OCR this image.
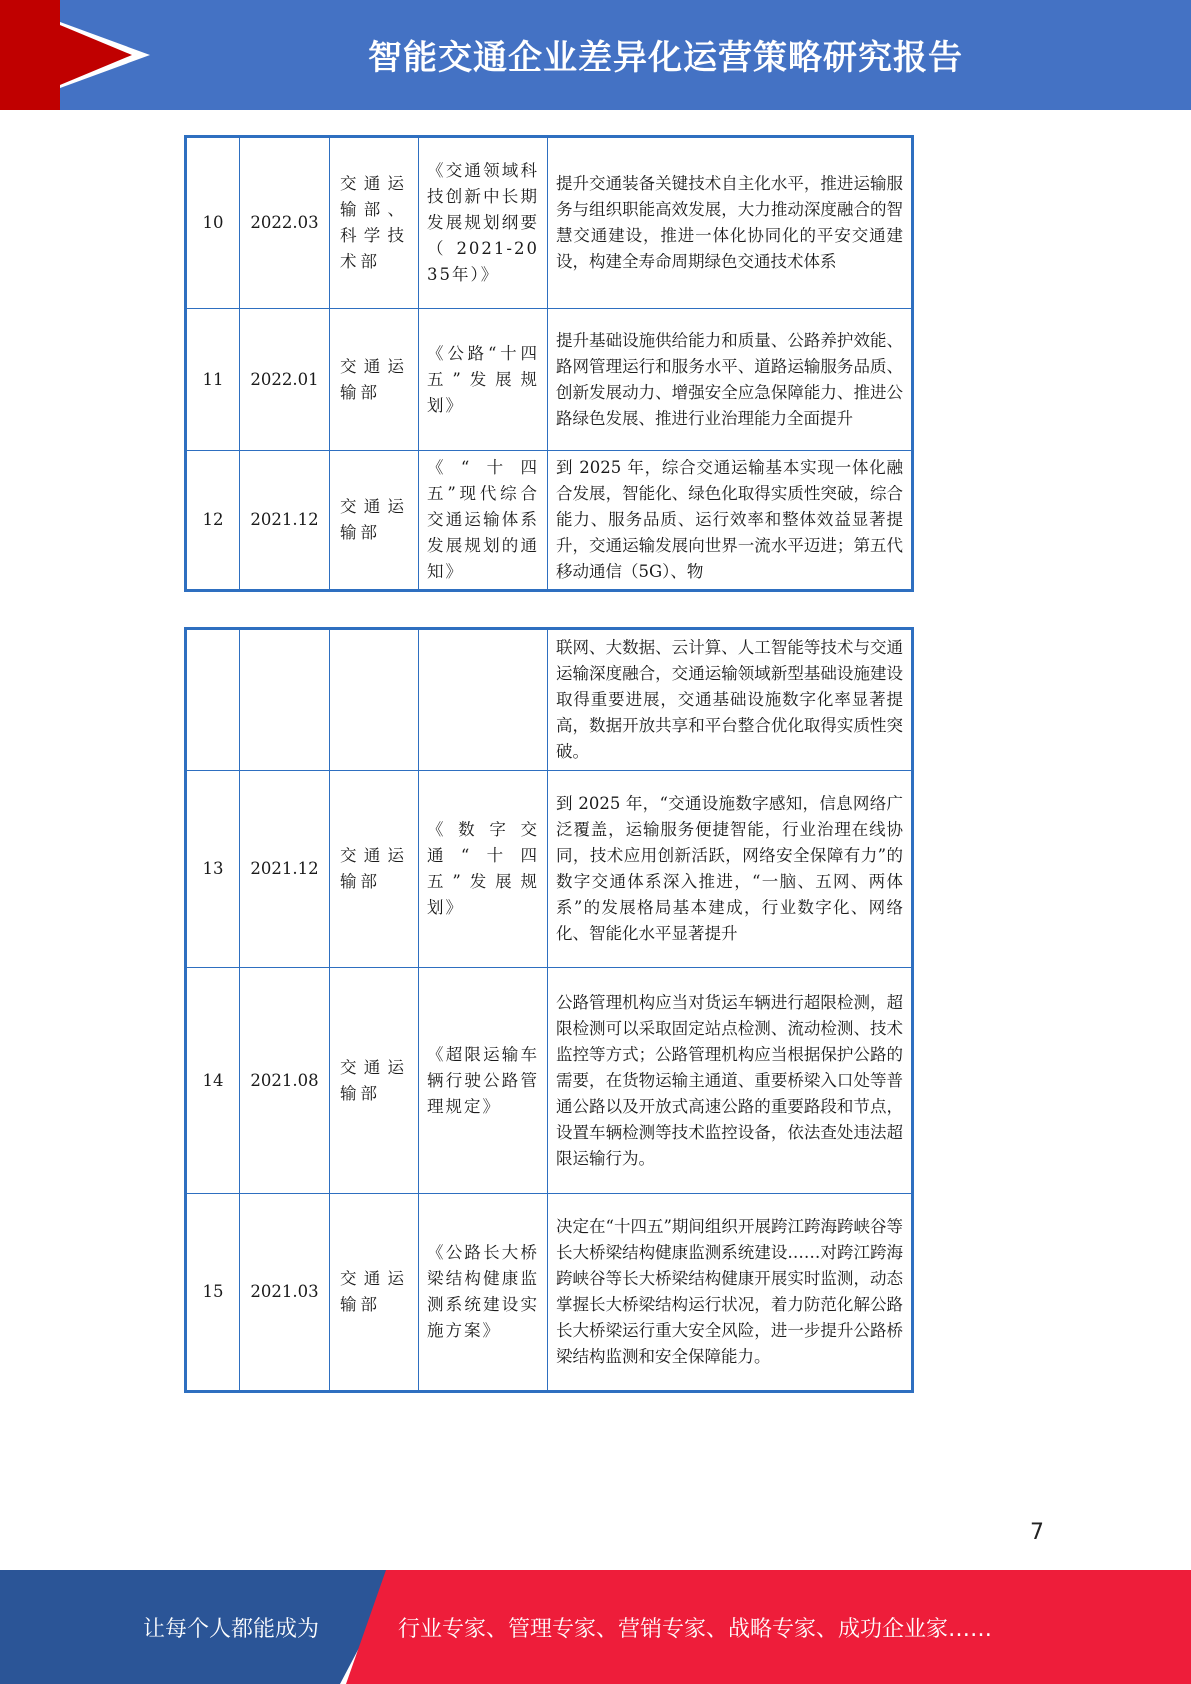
智能交通企业差异化运营策略研究报告
10	2022.03	交通运输部、科学技术部	《交通领域科技创新中长期发展规划纲要（2021-2035年）》	提升交通装备关键技术自主化水平，推进运输服务与组织职能高效发展，大力推动深度融合的智慧交通建设，推进一体化协同化的平安交通建设，构建全寿命周期绿色交通技术体系
11	2022.01	交通运输部	《公路“十四五”发展规划》	提升基础设施供给能力和质量、公路养护效能、路网管理运行和服务水平、道路运输服务品质、创新发展动力、增强安全应急保障能力、推进公路绿色发展、推进行业治理能力全面提升
12	2021.12	交通运输部	《“十四五”现代综合交通运输体系发展规划的通知》	到 2025 年，综合交通运输基本实现一体化融合发展，智能化、绿色化取得实质性突破，综合能力、服务品质、运行效率和整体效益显著提升，交通运输发展向世界一流水平迈进；第五代移动通信（5G）、物
				联网、大数据、云计算、人工智能等技术与交通运输深度融合，交通运输领域新型基础设施建设取得重要进展，交通基础设施数字化率显著提高，数据开放共享和平台整合优化取得实质性突破。
13	2021.12	交通运输部	《数字交通“十四五”发展规划》	到 2025 年，“交通设施数字感知，信息网络广泛覆盖，运输服务便捷智能，行业治理在线协同，技术应用创新活跃，网络安全保障有力”的数字交通体系深入推进，“一脑、五网、两体系”的发展格局基本建成，行业数字化、网络化、智能化水平显著提升
14	2021.08	交通运输部	《超限运输车辆行驶公路管理规定》	公路管理机构应当对货运车辆进行超限检测，超限检测可以采取固定站点检测、流动检测、技术监控等方式；公路管理机构应当根据保护公路的需要，在货物运输主通道、重要桥梁入口处等普通公路以及开放式高速公路的重要路段和节点，设置车辆检测等技术监控设备，依法查处违法超限运输行为。
15	2021.03	交通运输部	《公路长大桥梁结构健康监测系统建设实施方案》	决定在“十四五”期间组织开展跨江跨海跨峡谷等长大桥梁结构健康监测系统建设……对跨江跨海跨峡谷等长大桥梁结构健康开展实时监测，动态掌握长大桥梁结构运行状况，着力防范化解公路长大桥梁运行重大安全风险，进一步提升公路桥梁结构监测和安全保障能力。
7
让每个人都能成为	行业专家、管理专家、营销专家、战略专家、成功企业家……
